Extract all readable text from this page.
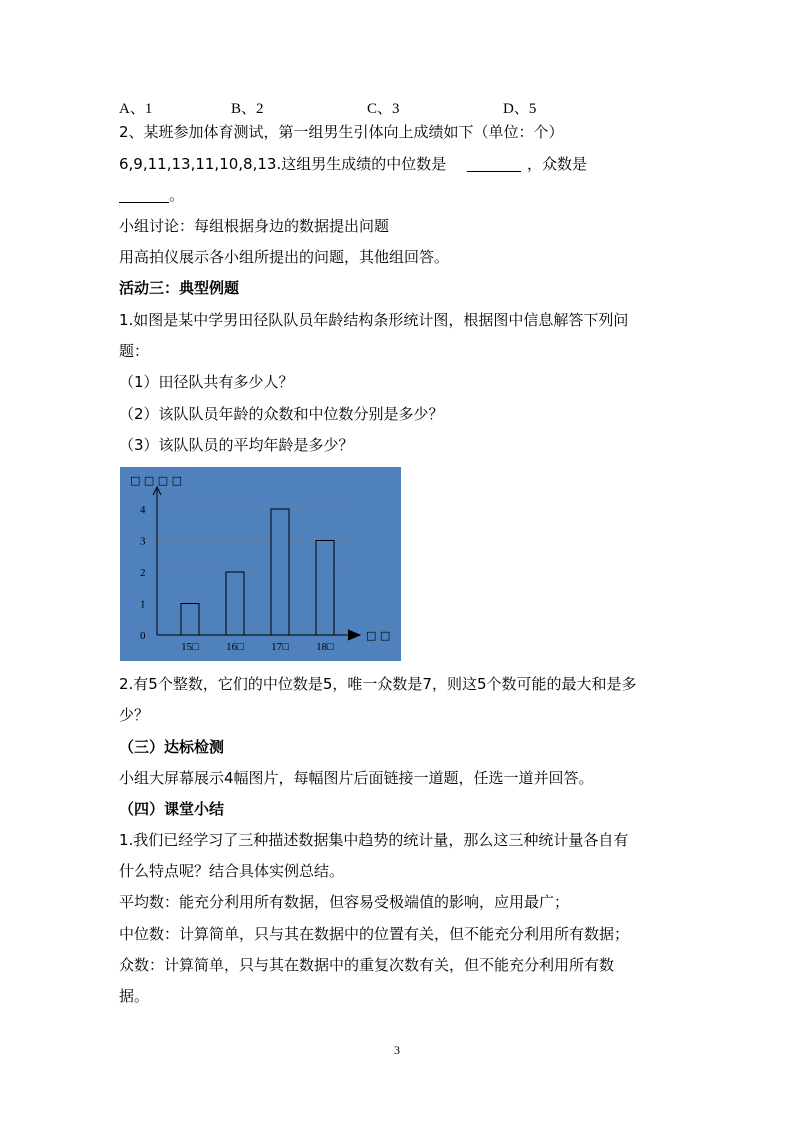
A、1	B、2	C、3	D、5
2、某班参加体育测试，第一组男生引体向上成绩如下（单位：个）
6,9,11,13,11,10,8,13.这组男生成绩的中位数是	，众数是
。
小组讨论：每组根据身边的数据提出问题
用高拍仪展示各小组所提出的问题，其他组回答。
活动三：典型例题
1.如图是某中学男田径队队员年龄结构条形统计图，根据图中信息解答下列问
题：
（1）田径队共有多少人？
（2）该队队员年龄的众数和中位数分别是多少？
（3）该队队员的平均年龄是多少？
□ □ □ □
□ □
0
1
2
3
4
15□ 16□ 17□ 18□
2.有5个整数，它们的中位数是5，唯一众数是7，则这5个数可能的最大和是多
少？
（三）达标检测
小组大屏幕展示4幅图片，每幅图片后面链接一道题，任选一道并回答。
（四）课堂小结
1.我们已经学习了三种描述数据集中趋势的统计量，那么这三种统计量各自有
什么特点呢？结合具体实例总结。
平均数：能充分利用所有数据，但容易受极端值的影响，应用最广；
中位数：计算简单，只与其在数据中的位置有关，但不能充分利用所有数据；
众数：计算简单，只与其在数据中的重复次数有关，但不能充分利用所有数
据。
3
